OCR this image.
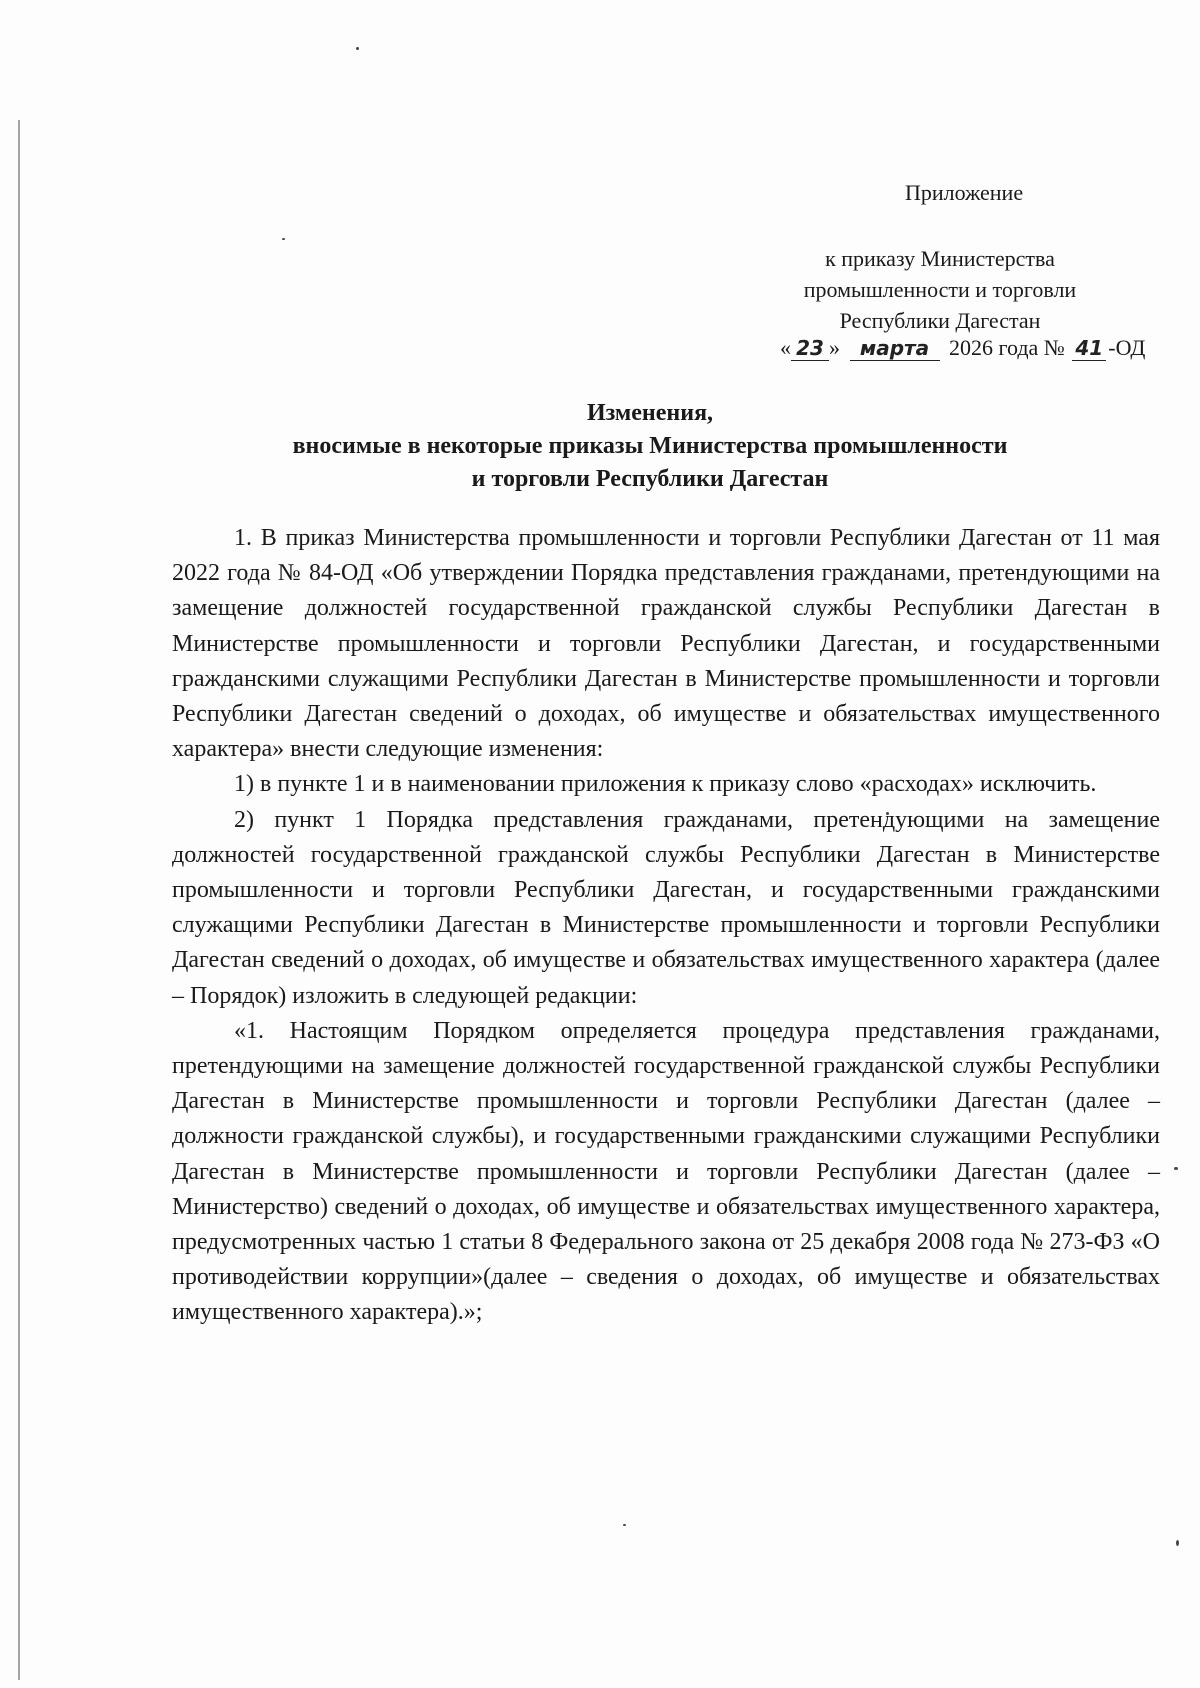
Приложение
к приказу Министерства
промышленности и торговли
Республики Дагестан
« 23 » марта 2026 года № 41 -ОД
Изменения,
вносимые в некоторые приказы Министерства промышленности
и торговли Республики Дагестан

1. В приказ Министерства промышленности и торговли Республики Дагестан от 11 мая 2022 года № 84-ОД «Об утверждении Порядка представления гражданами, претендующими на замещение должностей государственной гражданской службы Республики Дагестан в Министерстве промышленности и торговли Республики Дагестан, и государственными гражданскими служащими Республики Дагестан в Министерстве промышленности и торговли Республики Дагестан сведений о доходах, об имуществе и обязательствах имущественного характера» внести следующие изменения:

1) в пункте 1 и в наименовании приложения к приказу слово «расходах» исключить.

2) пункт 1 Порядка представления гражданами, претендующими на замещение должностей государственной гражданской службы Республики Дагестан в Министерстве промышленности и торговли Республики Дагестан, и государственными гражданскими служащими Республики Дагестан в Министерстве промышленности и торговли Республики Дагестан сведений о доходах, об имуществе и обязательствах имущественного характера (далее – Порядок) изложить в следующей редакции:

«1. Настоящим Порядком определяется процедура представления гражданами, претендующими на замещение должностей государственной гражданской службы Республики Дагестан в Министерстве промышленности и торговли Республики Дагестан (далее – должности гражданской службы), и государственными гражданскими служащими Республики Дагестан в Министерстве промышленности и торговли Республики Дагестан (далее – Министерство) сведений о доходах, об имуществе и обязательствах имущественного характера, предусмотренных частью 1 статьи 8 Федерального закона от 25 декабря 2008 года № 273-ФЗ «О противодействии коррупции»(далее – сведения о доходах, об имуществе и обязательствах имущественного характера).»;
